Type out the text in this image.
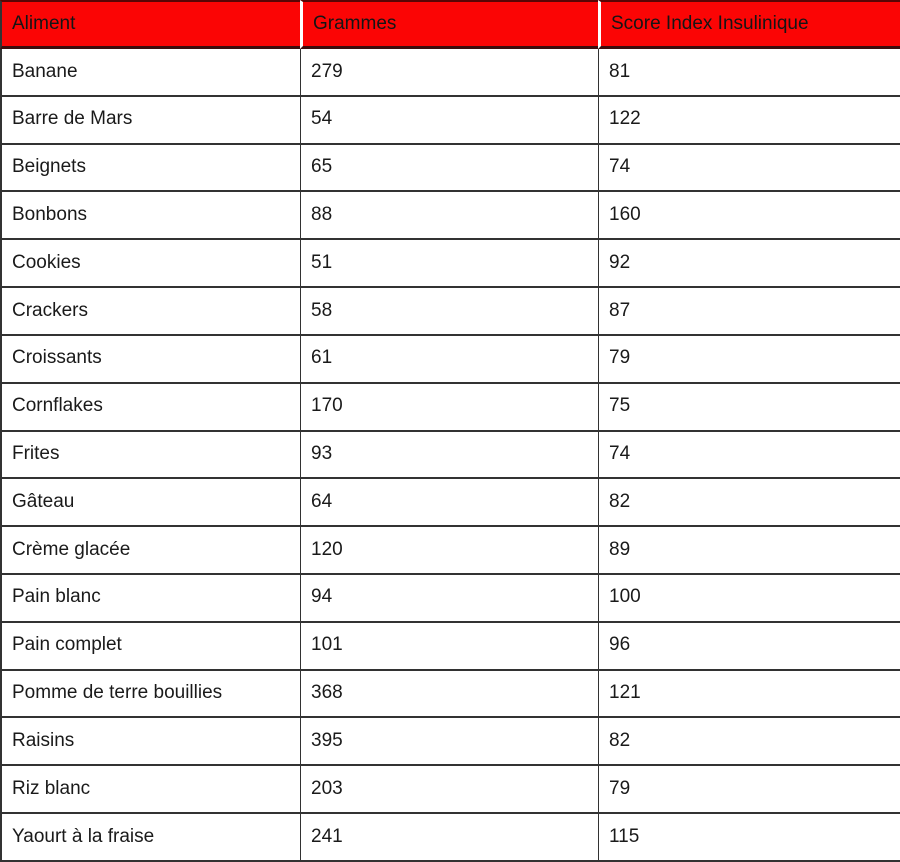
Aliment	Grammes	Score Index Insulinique
Banane	279	81
Barre de Mars	54	122
Beignets	65	74
Bonbons	88	160
Cookies	51	92
Crackers	58	87
Croissants	61	79
Cornflakes	170	75
Frites	93	74
Gâteau	64	82
Crème glacée	120	89
Pain blanc	94	100
Pain complet	101	96
Pomme de terre bouillies	368	121
Raisins	395	82
Riz blanc	203	79
Yaourt à la fraise	241	115
